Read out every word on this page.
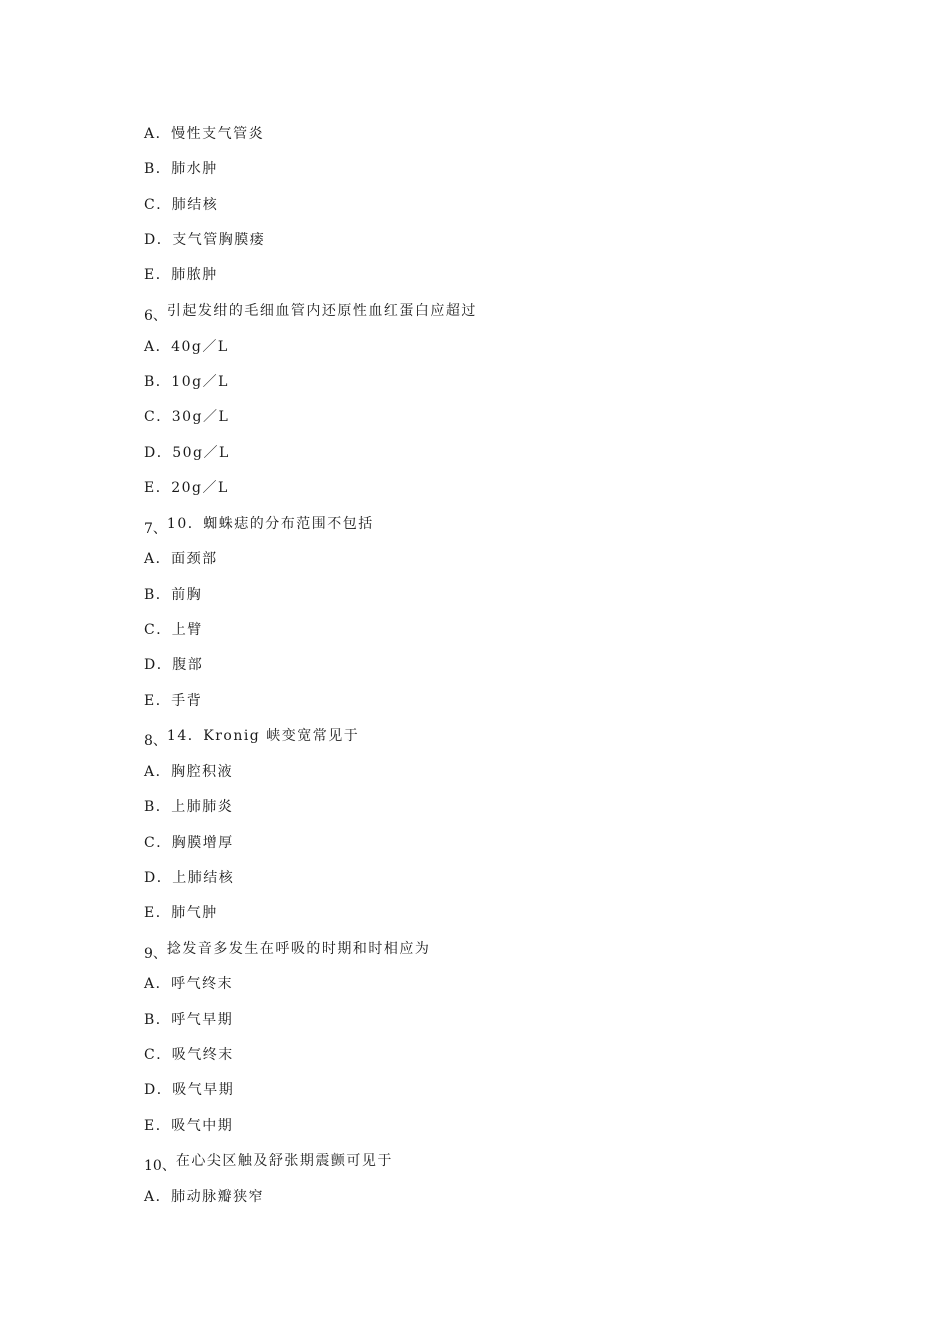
A．慢性支气管炎
B．肺水肿
C．肺结核
D．支气管胸膜瘘
E．肺脓肿
6、引起发绀的毛细血管内还原性血红蛋白应超过
A．40g／L
B．10g／L
C．30g／L
D．50g／L
E．20g／L
7、10．蜘蛛痣的分布范围不包括
A．面颈部
B．前胸
C．上臂
D．腹部
E．手背
8、14．Kronig 峡变宽常见于
A．胸腔积液
B．上肺肺炎
C．胸膜增厚
D．上肺结核
E．肺气肿
9、捻发音多发生在呼吸的时期和时相应为
A．呼气终末
B．呼气早期
C．吸气终末
D．吸气早期
E．吸气中期
10、在心尖区触及舒张期震颤可见于
A．肺动脉瓣狭窄
